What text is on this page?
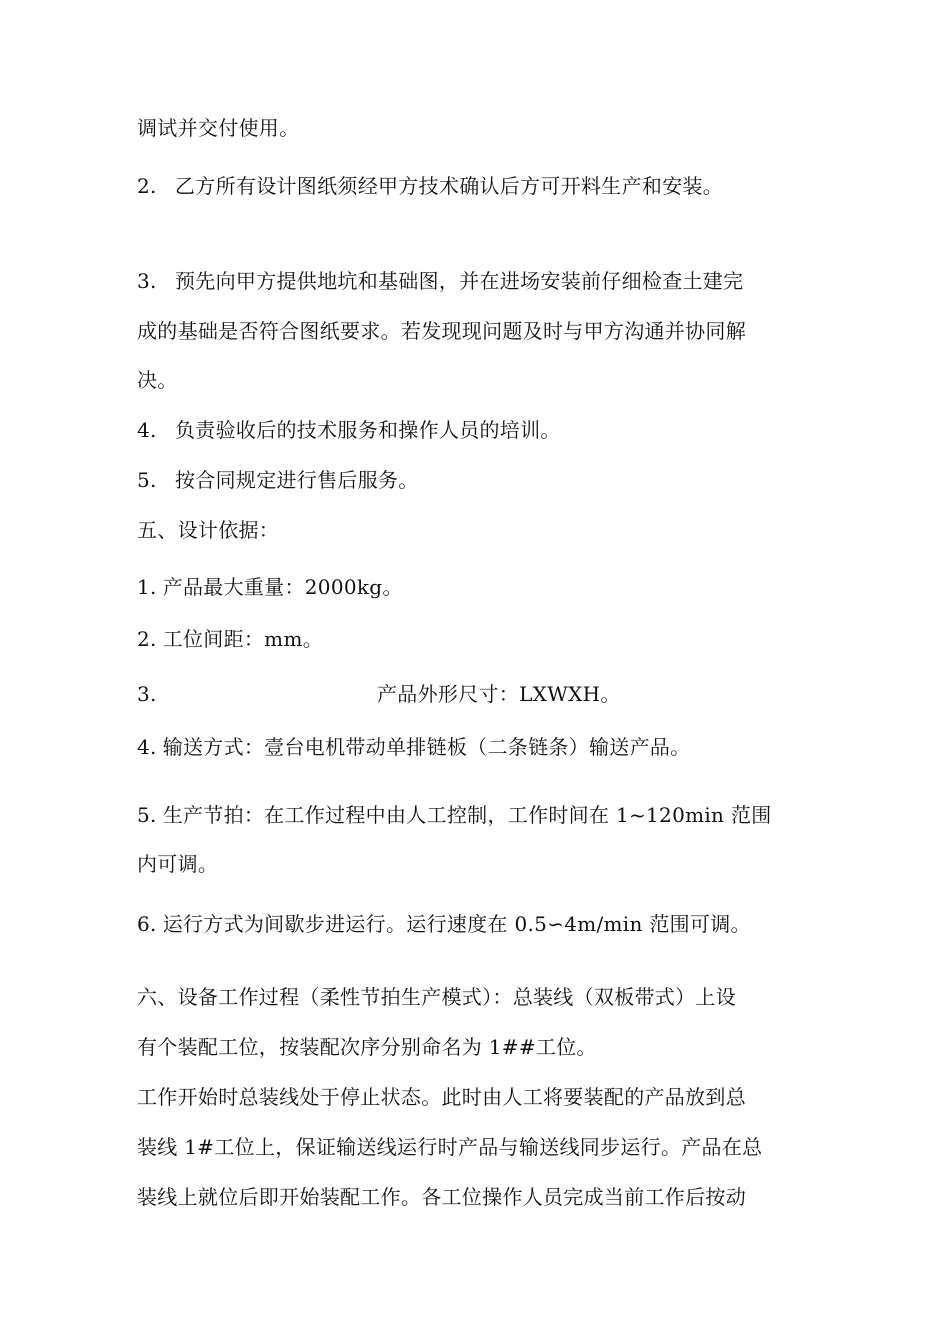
调试并交付使用。
2. 乙方所有设计图纸须经甲方技术确认后方可开料生产和安装。
3. 预先向甲方提供地坑和基础图，并在进场安装前仔细检查土建完
成的基础是否符合图纸要求。若发现现问题及时与甲方沟通并协同解
决。
4. 负责验收后的技术服务和操作人员的培训。
5. 按合同规定进行售后服务。
五、设计依据：
1. 产品最大重量：2000kg。
2. 工位间距：mm。
3.	产品外形尺寸：LXWXH。
4. 输送方式：壹台电机带动单排链板（二条链条）输送产品。
5. 生产节拍：在工作过程中由人工控制，工作时间在 1~120min 范围
内可调。
6. 运行方式为间歇步进运行。运行速度在 0.5∽4m/min 范围可调。
六、设备工作过程（柔性节拍生产模式）：总装线（双板带式）上设
有个装配工位，按装配次序分别命名为 1##工位。
工作开始时总装线处于停止状态。此时由人工将要装配的产品放到总
装线 1#工位上，保证输送线运行时产品与输送线同步运行。产品在总
装线上就位后即开始装配工作。各工位操作人员完成当前工作后按动
